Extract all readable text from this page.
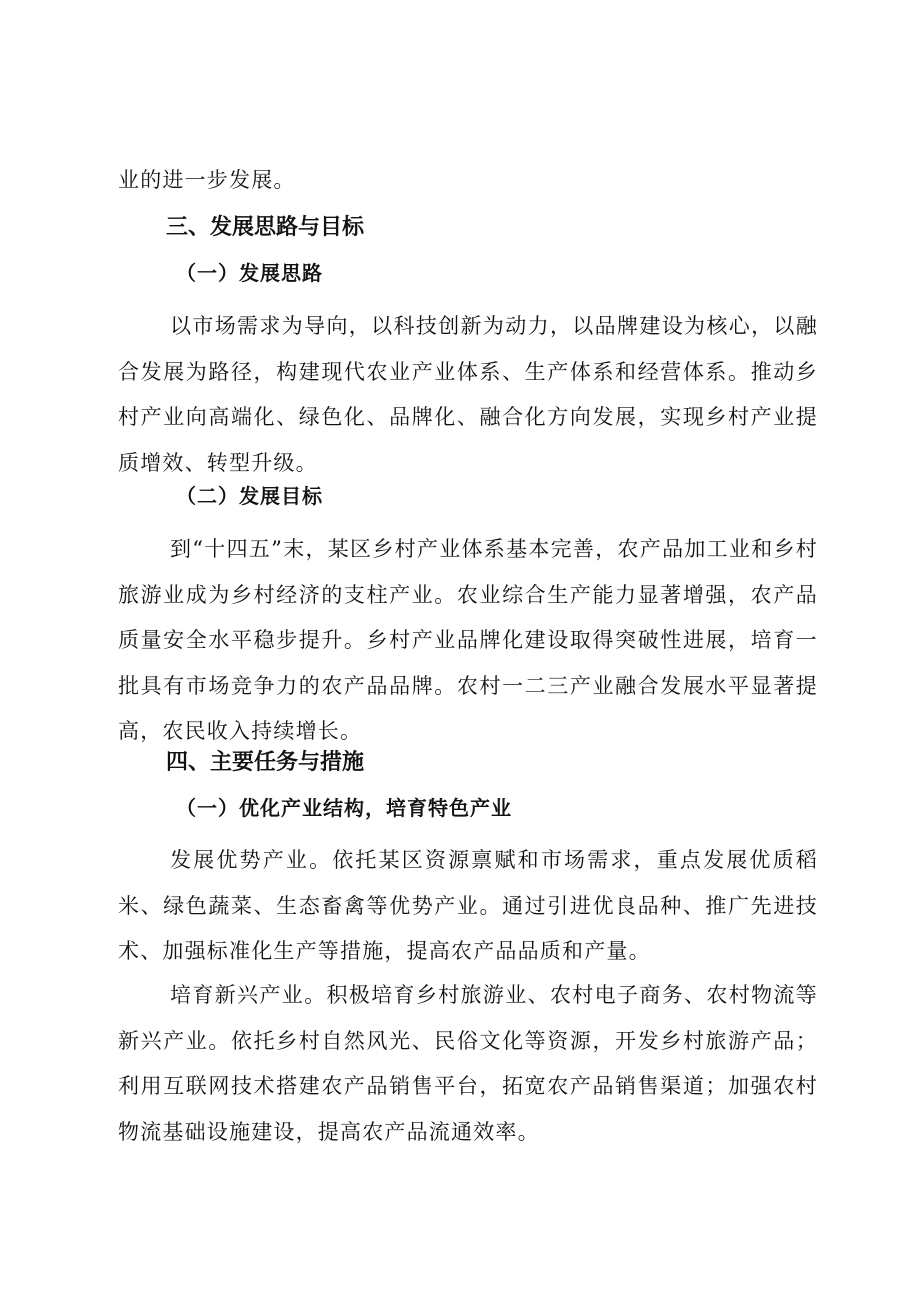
业的进一步发展。

三、发展思路与目标
（一）发展思路

以市场需求为导向，以科技创新为动力，以品牌建设为核心，以融合发展为路径，构建现代农业产业体系、生产体系和经营体系。推动乡村产业向高端化、绿色化、品牌化、融合化方向发展，实现乡村产业提质增效、转型升级。

（二）发展目标

到“十四五”末，某区乡村产业体系基本完善，农产品加工业和乡村旅游业成为乡村经济的支柱产业。农业综合生产能力显著增强，农产品质量安全水平稳步提升。乡村产业品牌化建设取得突破性进展，培育一批具有市场竞争力的农产品品牌。农村一二三产业融合发展水平显著提高，农民收入持续增长。

四、主要任务与措施
（一）优化产业结构，培育特色产业

发展优势产业。依托某区资源禀赋和市场需求，重点发展优质稻米、绿色蔬菜、生态畜禽等优势产业。通过引进优良品种、推广先进技术、加强标准化生产等措施，提高农产品品质和产量。

培育新兴产业。积极培育乡村旅游业、农村电子商务、农村物流等新兴产业。依托乡村自然风光、民俗文化等资源，开发乡村旅游产品；利用互联网技术搭建农产品销售平台，拓宽农产品销售渠道；加强农村物流基础设施建设，提高农产品流通效率。
